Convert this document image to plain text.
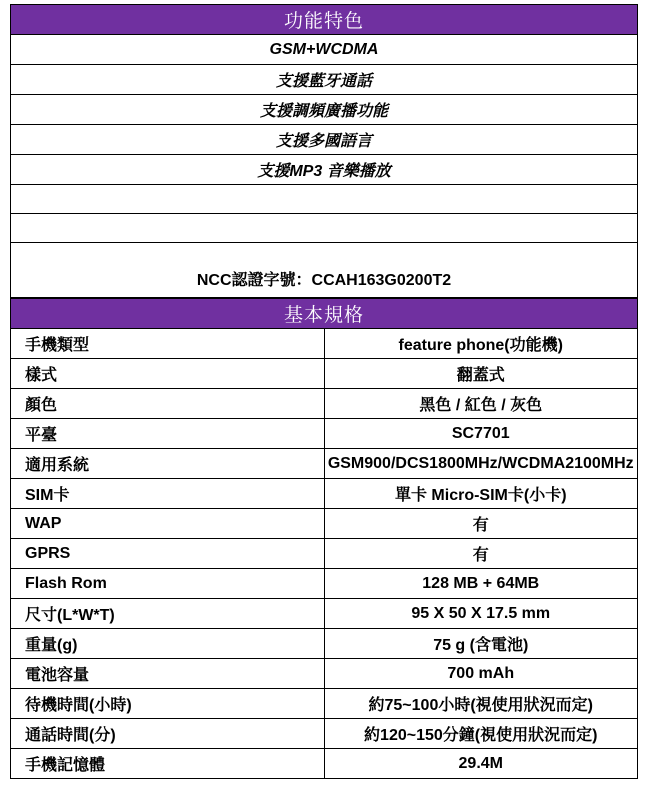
功能特色
GSM+WCDMA
支援藍牙通話
支援調頻廣播功能
支援多國語言
支援MP3 音樂播放

NCC認證字號：CCAH163G0200T2
基本規格	
手機類型	feature phone(功能機)
樣式	翻蓋式
顏色	黑色 / 紅色 / 灰色
平臺	SC7701
適用系統	GSM900/DCS1800MHz/WCDMA2100MHz
SIM卡	單卡 Micro-SIM卡(小卡)
WAP	有
GPRS	有
Flash Rom	128 MB + 64MB
尺寸(L*W*T)	95 X 50 X 17.5 mm
重量(g)	75 g (含電池)
電池容量	700 mAh
待機時間(小時)	約75~100小時(視使用狀況而定)
通話時間(分)	約120~150分鐘(視使用狀況而定)
手機記憶體	29.4M
